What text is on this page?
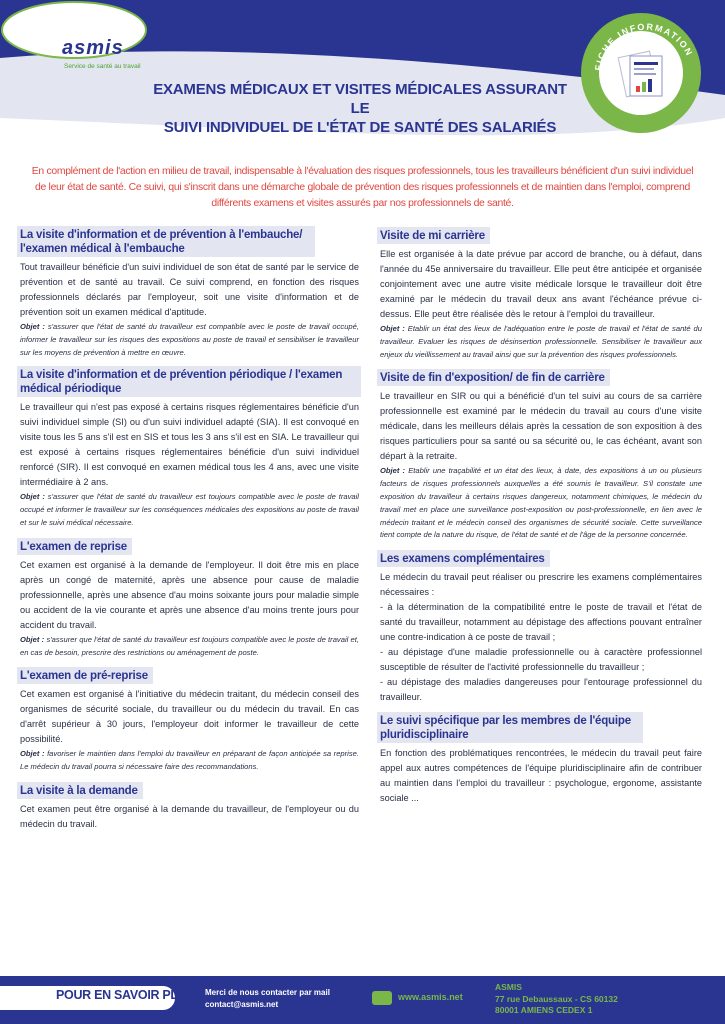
asmis
Service de santé au travail	FICHE INFORMATION
EXAMENS MÉDICAUX ET VISITES MÉDICALES ASSURANT LE
SUIVI INDIVIDUEL DE L'ÉTAT DE SANTÉ DES SALARIÉS
En complément de l'action en milieu de travail, indispensable à l'évaluation des risques professionnels, tous les travailleurs bénéficient d'un suivi individuel de leur état de santé. Ce suivi, qui s'inscrit dans une démarche globale de prévention des risques professionnels et de maintien dans l'emploi, comprend différents examens et visites assurés par nos professionnels de santé.
La visite d'information et de prévention à l'embauche/ l'examen médical à l'embauche
Tout travailleur bénéficie d'un suivi individuel de son état de santé par le service de prévention et de santé au travail. Ce suivi comprend, en fonction des risques professionnels déclarés par l'employeur, soit une visite d'information et de prévention soit un examen médical d'aptitude.
Objet : s'assurer que l'état de santé du travailleur est compatible avec le poste de travail occupé, informer le travailleur sur les risques des expositions au poste de travail et sensibiliser le travailleur sur les moyens de prévention à mettre en œuvre.
La visite d'information et de prévention périodique / l'examen médical périodique
Le travailleur qui n'est pas exposé à certains risques réglementaires bénéficie d'un suivi individuel simple (SI) ou d'un suivi individuel adapté (SIA). Il est convoqué en visite tous les 5 ans s'il est en SIS et tous les 3 ans s'il est en SIA. Le travailleur qui est exposé à certains risques réglementaires bénéficie d'un suivi individuel renforcé (SIR). Il est convoqué en examen médical tous les 4 ans, avec une visite intermédiaire à 2 ans.
Objet : s'assurer que l'état de santé du travailleur est toujours compatible avec le poste de travail occupé et informer le travailleur sur les conséquences médicales des expositions au poste de travail et sur le suivi médical nécessaire.
L'examen de reprise
Cet examen est organisé à la demande de l'employeur. Il doit être mis en place après un congé de maternité, après une absence pour cause de maladie professionnelle, après une absence d'au moins soixante jours pour maladie simple ou accident de la vie courante et après une absence d'au moins trente jours pour accident du travail.
Objet : s'assurer que l'état de santé du travailleur est toujours compatible avec le poste de travail et, en cas de besoin, prescrire des restrictions ou aménagement de poste.
L'examen de pré-reprise
Cet examen est organisé à l'initiative du médecin traitant, du médecin conseil des organismes de sécurité sociale, du travailleur ou du médecin du travail. En cas d'arrêt supérieur à 30 jours, l'employeur doit informer le travailleur de cette possibilité.
Objet : favoriser le maintien dans l'emploi du travailleur en préparant de façon anticipée sa reprise. Le médecin du travail pourra si nécessaire faire des recommandations.
La visite à la demande
Cet examen peut être organisé à la demande du travailleur, de l'employeur ou du médecin du travail.
Visite de mi carrière
Elle est organisée à la date prévue par accord de branche, ou à défaut, dans l'année du 45e anniversaire du travailleur. Elle peut être anticipée et organisée conjointement avec une autre visite médicale lorsque le travailleur doit être examiné par le médecin du travail deux ans avant l'échéance prévue ci-dessus. Elle peut être réalisée dès le retour à l'emploi du travailleur.
Objet : Etablir un état des lieux de l'adéquation entre le poste de travail et l'état de santé du travailleur. Evaluer les risques de désinsertion professionnelle. Sensibiliser le travailleur aux enjeux du vieillissement au travail ainsi que sur la prévention des risques professionnels.
Visite de fin d'exposition/ de fin de carrière
Le travailleur en SIR ou qui a bénéficié d'un tel suivi au cours de sa carrière professionnelle est examiné par le médecin du travail au cours d'une visite médicale, dans les meilleurs délais après la cessation de son exposition à des risques particuliers pour sa santé ou sa sécurité ou, le cas échéant, avant son départ à la retraite.
Objet : Etablir une traçabilité et un état des lieux, à date, des expositions à un ou plusieurs facteurs de risques professionnels auxquelles a été soumis le travailleur. S'il constate une exposition du travailleur à certains risques dangereux, notamment chimiques, le médecin du travail met en place une surveillance post-exposition ou post-professionnelle, en lien avec le médecin traitant et le médecin conseil des organismes de sécurité sociale. Cette surveillance tient compte de la nature du risque, de l'état de santé et de l'âge de la personne concernée.
Les examens complémentaires
Le médecin du travail peut réaliser ou prescrire les examens complémentaires nécessaires :
- à la détermination de la compatibilité entre le poste de travail et l'état de santé du travailleur, notamment au dépistage des affections pouvant entraîner une contre-indication à ce poste de travail ;
- au dépistage d'une maladie professionnelle ou à caractère professionnel susceptible de résulter de l'activité professionnelle du travailleur ;
- au dépistage des maladies dangereuses pour l'entourage professionnel du travailleur.
Le suivi spécifique par les membres de l'équipe pluridisciplinaire
En fonction des problématiques rencontrées, le médecin du travail peut faire appel aux autres compétences de l'équipe pluridisciplinaire afin de contribuer au maintien dans l'emploi du travailleur : psychologue, ergonome, assistante sociale ...
POUR EN SAVOIR PLUS Merci de nous contacter par mail
contact@asmis.net
www.asmis.net
ASMIS
77 rue Debaussaux - CS 60132
80001 AMIENS CEDEX 1
